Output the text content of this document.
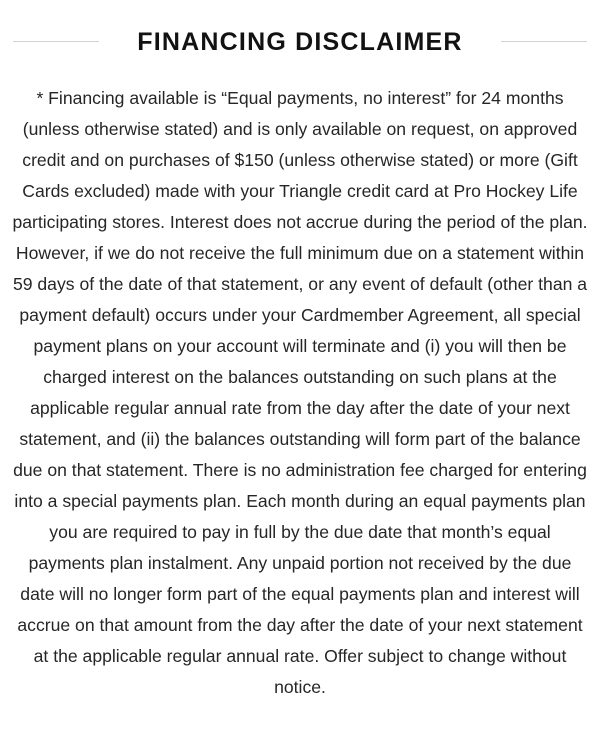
FINANCING DISCLAIMER

* Financing available is “Equal payments, no interest” for 24 months (unless otherwise stated) and is only available on request, on approved credit and on purchases of $150 (unless otherwise stated) or more (Gift Cards excluded) made with your Triangle credit card at Pro Hockey Life participating stores. Interest does not accrue during the period of the plan. However, if we do not receive the full minimum due on a statement within 59 days of the date of that statement, or any event of default (other than a payment default) occurs under your Cardmember Agreement, all special payment plans on your account will terminate and (i) you will then be charged interest on the balances outstanding on such plans at the applicable regular annual rate from the day after the date of your next statement, and (ii) the balances outstanding will form part of the balance due on that statement. There is no administration fee charged for entering into a special payments plan. Each month during an equal payments plan you are required to pay in full by the due date that month’s equal payments plan instalment. Any unpaid portion not received by the due date will no longer form part of the equal payments plan and interest will accrue on that amount from the day after the date of your next statement at the applicable regular annual rate. Offer subject to change without notice.
